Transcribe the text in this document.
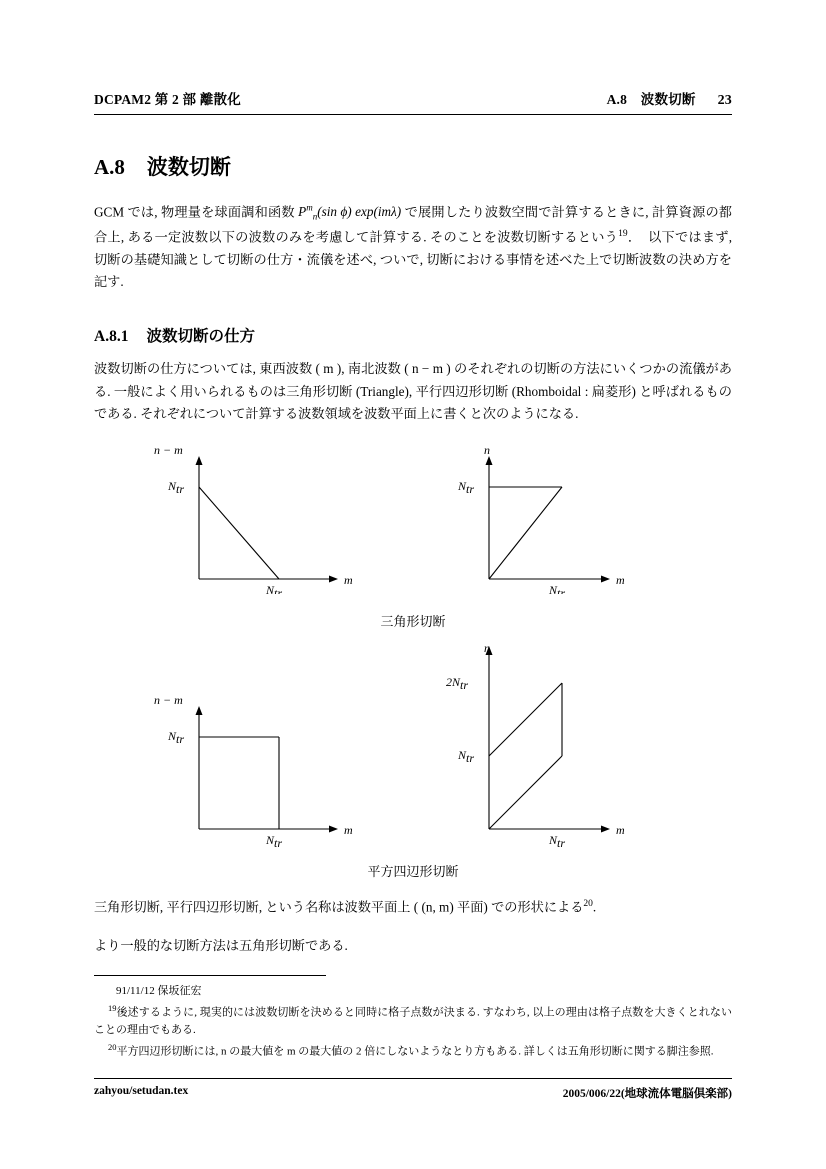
DCPAM2 第 2 部 離散化	A.8　波数切断 23
A.8 波数切断

GCM では, 物理量を球面調和函数 $P^m_n(\sin$ ϕ) exp(imλ) で展開したり波数空間で計算するときに, 計算資源の都合上, ある一定波数以下の波数のみを考慮して計算する. そのことを波数切断するという$^{19}$．　以下ではまず, 切断の基礎知識として切断の仕方・流儀を述べ, ついで, 切断における事情を述べた上で切断波数の決め方を記す.

A.8.1 波数切断の仕方

波数切断の仕方については, 東西波数 ( m ), 南北波数 ( n − m ) のそれぞれの切断の方法にいくつかの流儀がある. 一般によく用いられるものは三角形切断 (Triangle), 平行四辺形切断 (Rhomboidal : 扁菱形) と呼ばれるものである. それぞれについて計算する波数領域を波数平面上に書くと次のようになる.

n − m
m
Ntr
Ntr
n
m
Ntr
Ntr
三角形切断
n − m
m
Ntr
Ntr
n
m
2Ntr
Ntr
Ntr
平方四辺形切断

三角形切断, 平行四辺形切断, という名称は波数平面上 ( (n, m) 平面) での形状による$^{20}$.

より一般的な切断方法は五角形切断である.

91/11/12 保坂征宏
$^{19}$後述するように, 現実的には波数切断を決めると同時に格子点数が決まる. すなわち, 以上の理由は格子点数を大きくとれないことの理由でもある.
$^{20}$平方四辺形切断には, n の最大値を m の最大値の 2 倍にしないようなとり方もある. 詳しくは五角形切断に関する脚注参照.
zahyou/setudan.tex	2005/006/22(地球流体電脳倶楽部)
